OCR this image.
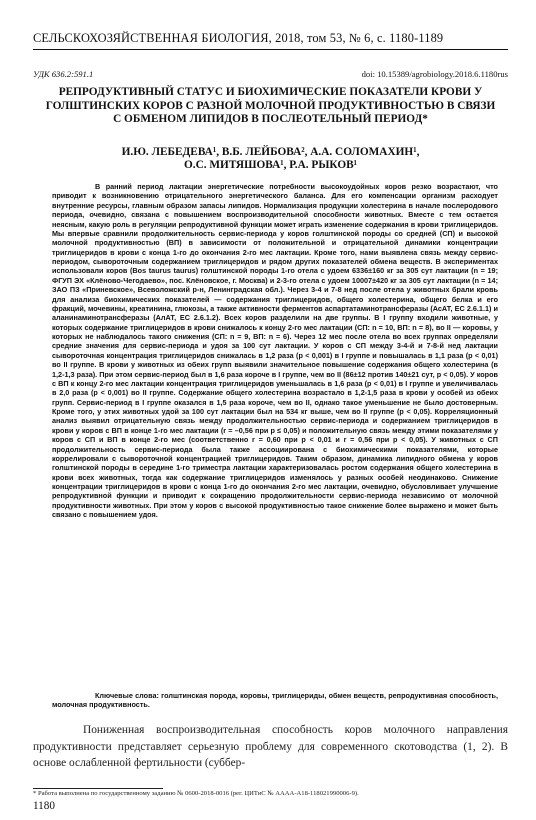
СЕЛЬСКОХОЗЯЙСТВЕННАЯ БИОЛОГИЯ, 2018, том 53, № 6, с. 1180-1189
УДК 636.2:591.1	doi: 10.15389/agrobiology.2018.6.1180rus
РЕПРОДУКТИВНЫЙ СТАТУС И БИОХИМИЧЕСКИЕ ПОКАЗАТЕЛИ КРОВИ У ГОЛШТИНСКИХ КОРОВ С РАЗНОЙ МОЛОЧНОЙ ПРОДУКТИВНОСТЬЮ В СВЯЗИ С ОБМЕНОМ ЛИПИДОВ В ПОСЛЕОТЕЛЬНЫЙ ПЕРИОД*
И.Ю. ЛЕБЕДЕВА¹, В.Б. ЛЕЙБОВА², А.А. СОЛОМАХИН¹,
О.С. МИТЯШОВА¹, Р.А. РЫКОВ¹
В ранний период лактации энергетические потребности высокоудойных коров резко возрастают, что приводит к возникновению отрицательного энергетического баланса. Для его компенсации организм расходует внутренние ресурсы, главным образом запасы липидов. Нормализация продукции холестерина в начале послеродового периода, очевидно, связана с повышением воспроизводительной способности животных. Вместе с тем остается неясным, какую роль в регуляции репродуктивной функции может играть изменение содержания в крови триглицеридов. Мы впервые сравнили продолжительность сервис-периода у коров голштинской породы со средней (СП) и высокой молочной продуктивностью (ВП) в зависимости от положительной и отрицательной динамики концентрации триглицеридов в крови с конца 1-го до окончания 2-го мес лактации. Кроме того, нами выявлена связь между сервис-периодом, сывороточным содержанием триглицеридов и рядом других показателей обмена веществ. В экспериментах использовали коров (Bos taurus taurus) голштинской породы 1-го отела с удоем 6336±160 кг за 305 сут лактации (n = 19; ФГУП ЭХ «Клёново-Чегодаево», пос. Клёновское, г. Москва) и 2-3-го отела с удоем 10007±420 кг за 305 сут лактации (n = 14; ЗАО ПЗ «Приневское», Всеволожский р-н, Ленинградская обл.). Через 3-4 и 7-8 нед после отела у животных брали кровь для анализа биохимических показателей — содержания триглицеридов, общего холестерина, общего белка и его фракций, мочевины, креатинина, глюкозы, а также активности ферментов аспартатаминотрансферазы (АсАТ, ЕС 2.6.1.1) и аланинаминотрансферазы (АлАТ, ЕС 2.6.1.2). Всех коров разделили на две группы. В I группу входили животные, у которых содержание триглицеридов в крови снижалось к концу 2-го мес лактации (СП: n = 10, ВП: n = 8), во II — коровы, у которых не наблюдалось такого снижения (СП: n = 9, ВП: n = 6). Через 12 мес после отела во всех группах определяли средние значения для сервис-периода и удоя за 100 сут лактации. У коров с СП между 3-4-й и 7-8-й нед лактации сывороточная концентрация триглицеридов снижалась в 1,2 раза (p < 0,001) в I группе и повышалась в 1,1 раза (p < 0,01) во II группе. В крови у животных из обеих групп выявили значительное повышение содержания общего холестерина (в 1,2-1,3 раза). При этом сервис-период был в 1,6 раза короче в I группе, чем во II (86±12 против 140±21 сут, p < 0,05). У коров с ВП к концу 2-го мес лактации концентрация триглицеридов уменьшалась в 1,6 раза (p < 0,01) в I группе и увеличивалась в 2,0 раза (p < 0,001) во II группе. Содержание общего холестерина возрастало в 1,2-1,5 раза в крови у особей из обеих групп. Сервис-период в I группе оказался в 1,5 раза короче, чем во II, однако такое уменьшение не было достоверным. Кроме того, у этих животных удой за 100 сут лактации был на 534 кг выше, чем во II группе (p < 0,05). Корреляционный анализ выявил отрицательную связь между продолжительностью сервис-периода и содержанием триглицеридов в крови у коров с ВП в конце 1-го мес лактации (r = –0,56 при p ≤ 0,05) и положительную связь между этими показателями у коров с СП и ВП в конце 2-го мес (соответственно r = 0,60 при p < 0,01 и r = 0,56 при p < 0,05). У животных с СП продолжительность сервис-периода была также ассоциирована с биохимическими показателями, которые коррелировали с сывороточной концентрацией триглицеридов. Таким образом, динамика липидного обмена у коров голштинской породы в середине 1-го триместра лактации характеризовалась ростом содержания общего холестерина в крови всех животных, тогда как содержание триглицеридов изменялось у разных особей неодинаково. Снижение концентрации триглицеридов в крови с конца 1-го до окончания 2-го мес лактации, очевидно, обусловливает улучшение репродуктивной функции и приводит к сокращению продолжительности сервис-периода независимо от молочной продуктивности животных. При этом у коров с высокой продуктивностью такое снижение более выражено и может быть связано с повышением удоя.
Ключевые слова: голштинская порода, коровы, триглицериды, обмен веществ, репродуктивная способность, молочная продуктивность.
Пониженная воспроизводительная способность коров молочного направления продуктивности представляет серьезную проблему для современного скотоводства (1, 2). В основе ослабленной фертильности (суббер-
* Работа выполнена по государственному заданию № 0600-2018-0016 (рег. ЦИТиС № АААА-А18-118021990006-9).
1180
